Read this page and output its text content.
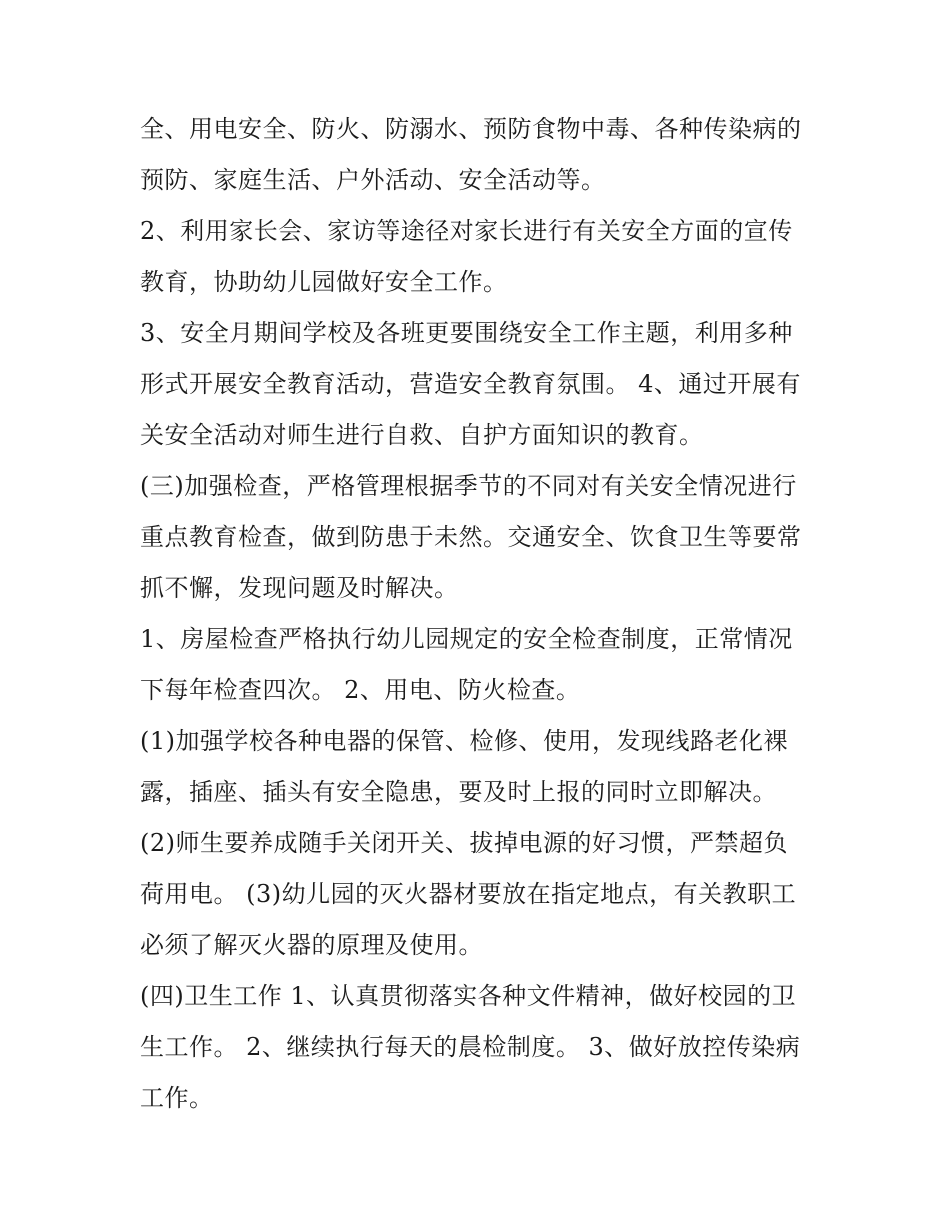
全、用电安全、防火、防溺水、预防食物中毒、各种传染病的
预防、家庭生活、户外活动、安全活动等。
2、利用家长会、家访等途径对家长进行有关安全方面的宣传
教育，协助幼儿园做好安全工作。
3、安全月期间学校及各班更要围绕安全工作主题，利用多种
形式开展安全教育活动，营造安全教育氛围。 4、通过开展有
关安全活动对师生进行自救、自护方面知识的教育。
(三)加强检查，严格管理根据季节的不同对有关安全情况进行
重点教育检查，做到防患于未然。交通安全、饮食卫生等要常
抓不懈，发现问题及时解决。
1、房屋检查严格执行幼儿园规定的安全检查制度，正常情况
下每年检查四次。 2、用电、防火检查。
(1)加强学校各种电器的保管、检修、使用，发现线路老化裸
露，插座、插头有安全隐患，要及时上报的同时立即解决。
(2)师生要养成随手关闭开关、拔掉电源的好习惯，严禁超负
荷用电。 (3)幼儿园的灭火器材要放在指定地点，有关教职工
必须了解灭火器的原理及使用。
(四)卫生工作 1、认真贯彻落实各种文件精神，做好校园的卫
生工作。 2、继续执行每天的晨检制度。 3、做好放控传染病
工作。
